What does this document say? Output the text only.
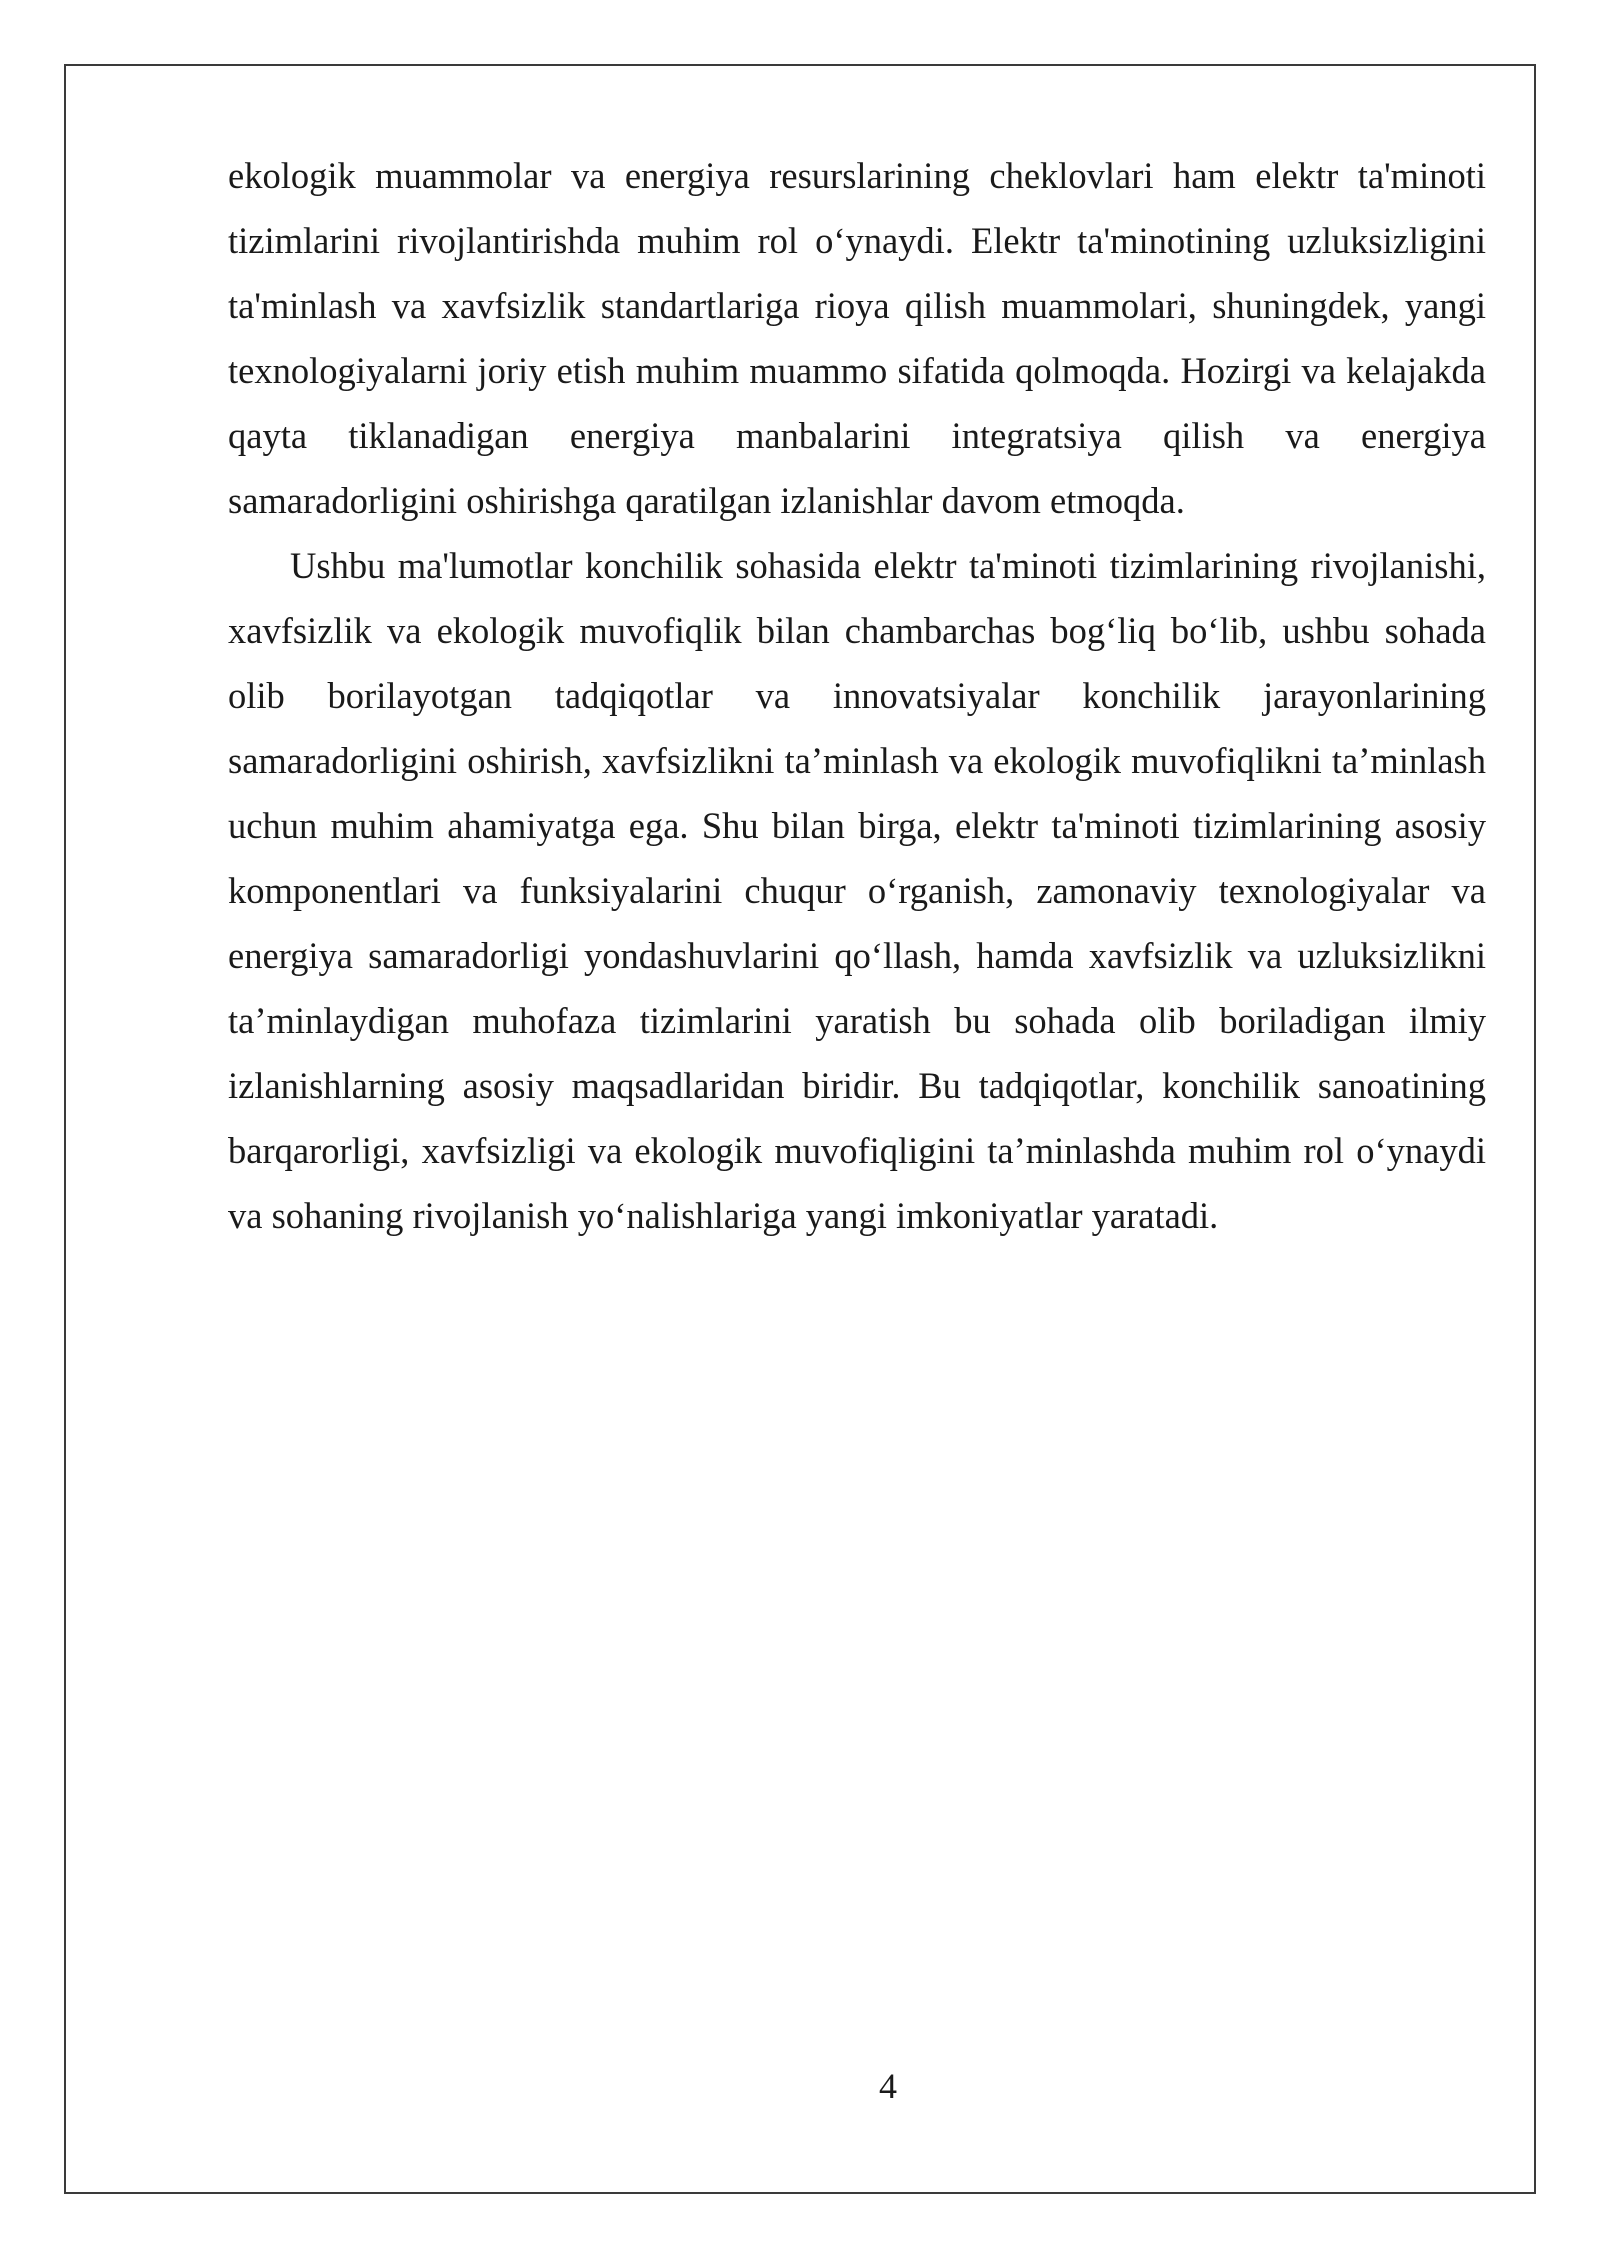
ekologik muammolar va energiya resurslarining cheklovlari ham elektr ta'minoti tizimlarini rivojlantirishda muhim rol o‘ynaydi. Elektr ta'minotining uzluksizligini ta'minlash va xavfsizlik standartlariga rioya qilish muammolari, shuningdek, yangi texnologiyalarni joriy etish muhim muammo sifatida qolmoqda. Hozirgi va kelajakda qayta tiklanadigan energiya manbalarini integratsiya qilish va energiya samaradorligini oshirishga qaratilgan izlanishlar davom etmoqda.

Ushbu ma'lumotlar konchilik sohasida elektr ta'minoti tizimlarining rivojlanishi, xavfsizlik va ekologik muvofiqlik bilan chambarchas bog‘liq bo‘lib, ushbu sohada olib borilayotgan tadqiqotlar va innovatsiyalar konchilik jarayonlarining samaradorligini oshirish, xavfsizlikni ta’minlash va ekologik muvofiqlikni ta’minlash uchun muhim ahamiyatga ega. Shu bilan birga, elektr ta'minoti tizimlarining asosiy komponentlari va funksiyalarini chuqur o‘rganish, zamonaviy texnologiyalar va energiya samaradorligi yondashuvlarini qo‘llash, hamda xavfsizlik va uzluksizlikni ta’minlaydigan muhofaza tizimlarini yaratish bu sohada olib boriladigan ilmiy izlanishlarning asosiy maqsadlaridan biridir. Bu tadqiqotlar, konchilik sanoatining barqarorligi, xavfsizligi va ekologik muvofiqligini ta’minlashda muhim rol o‘ynaydi va sohaning rivojlanish yo‘nalishlariga yangi imkoniyatlar yaratadi.

4
